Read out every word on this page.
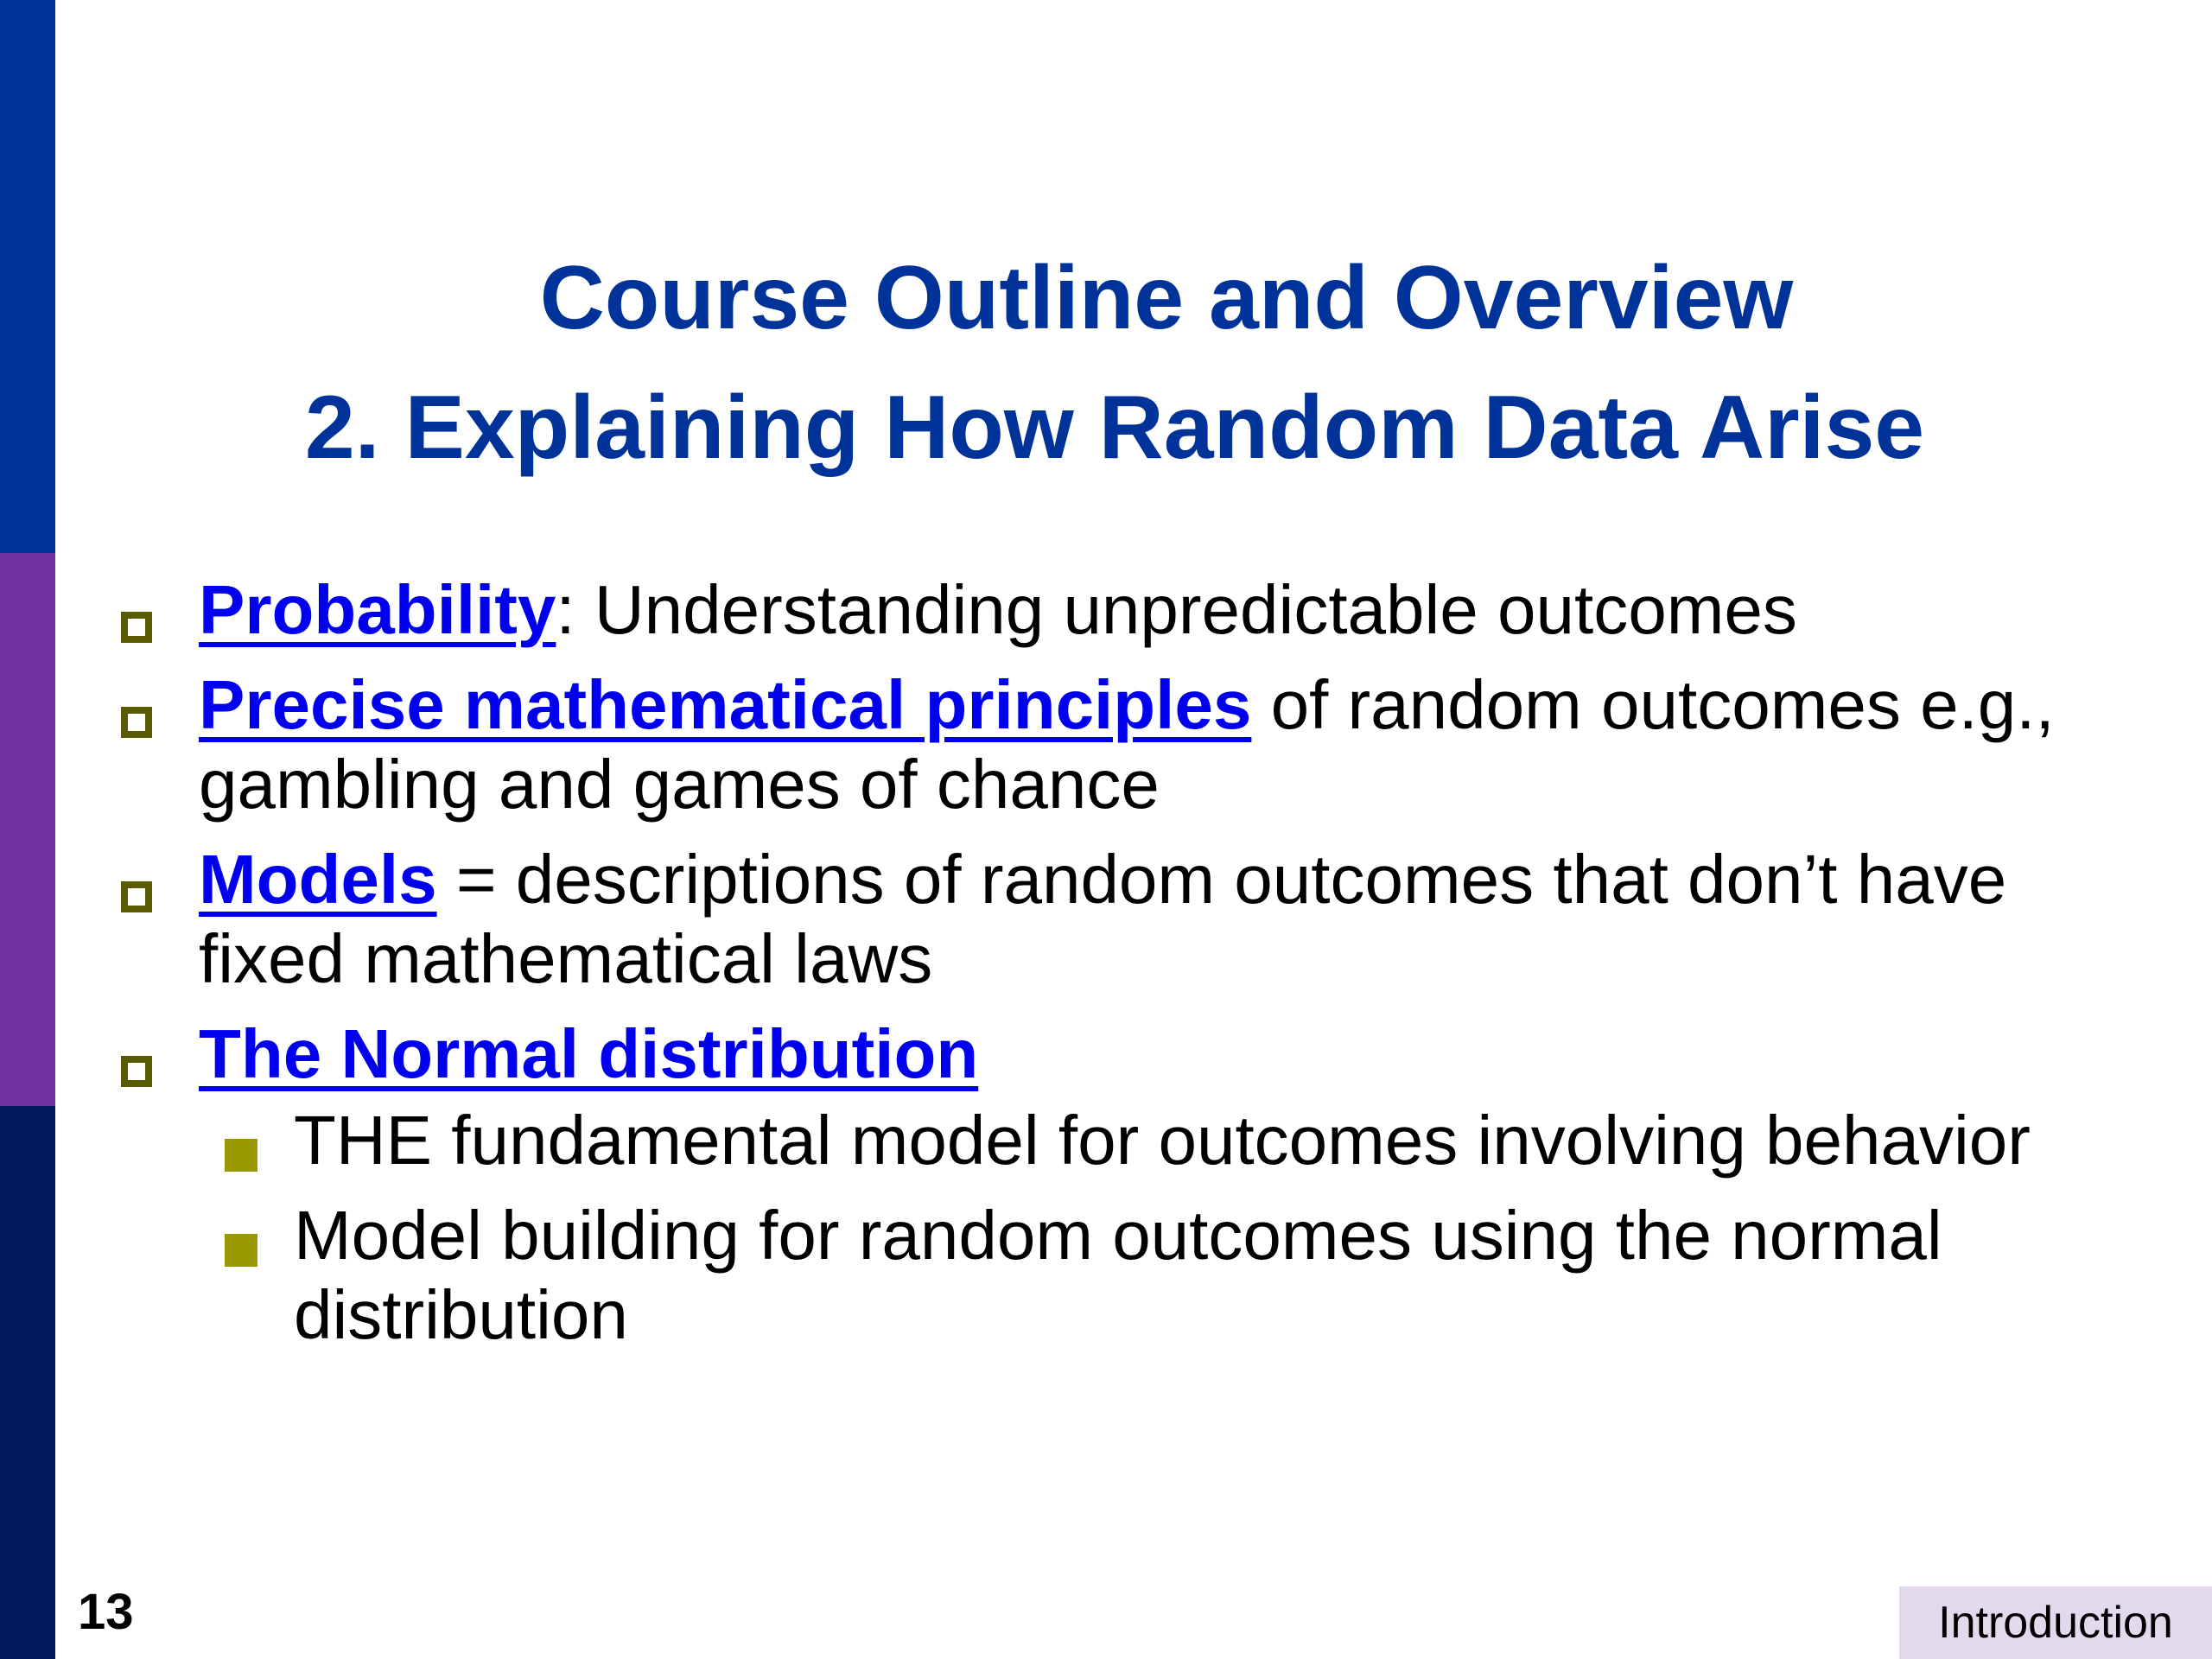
Course Outline and Overview
2. Explaining How Random Data Arise
Probability: Understanding unpredictable outcomes
Precise mathematical principles of random outcomes e.g., gambling and games of chance
Models = descriptions of random outcomes that don’t have fixed mathematical laws
The Normal distribution
THE fundamental model for outcomes involving behavior
Model building for random outcomes using the normal distribution
13	Introduction
